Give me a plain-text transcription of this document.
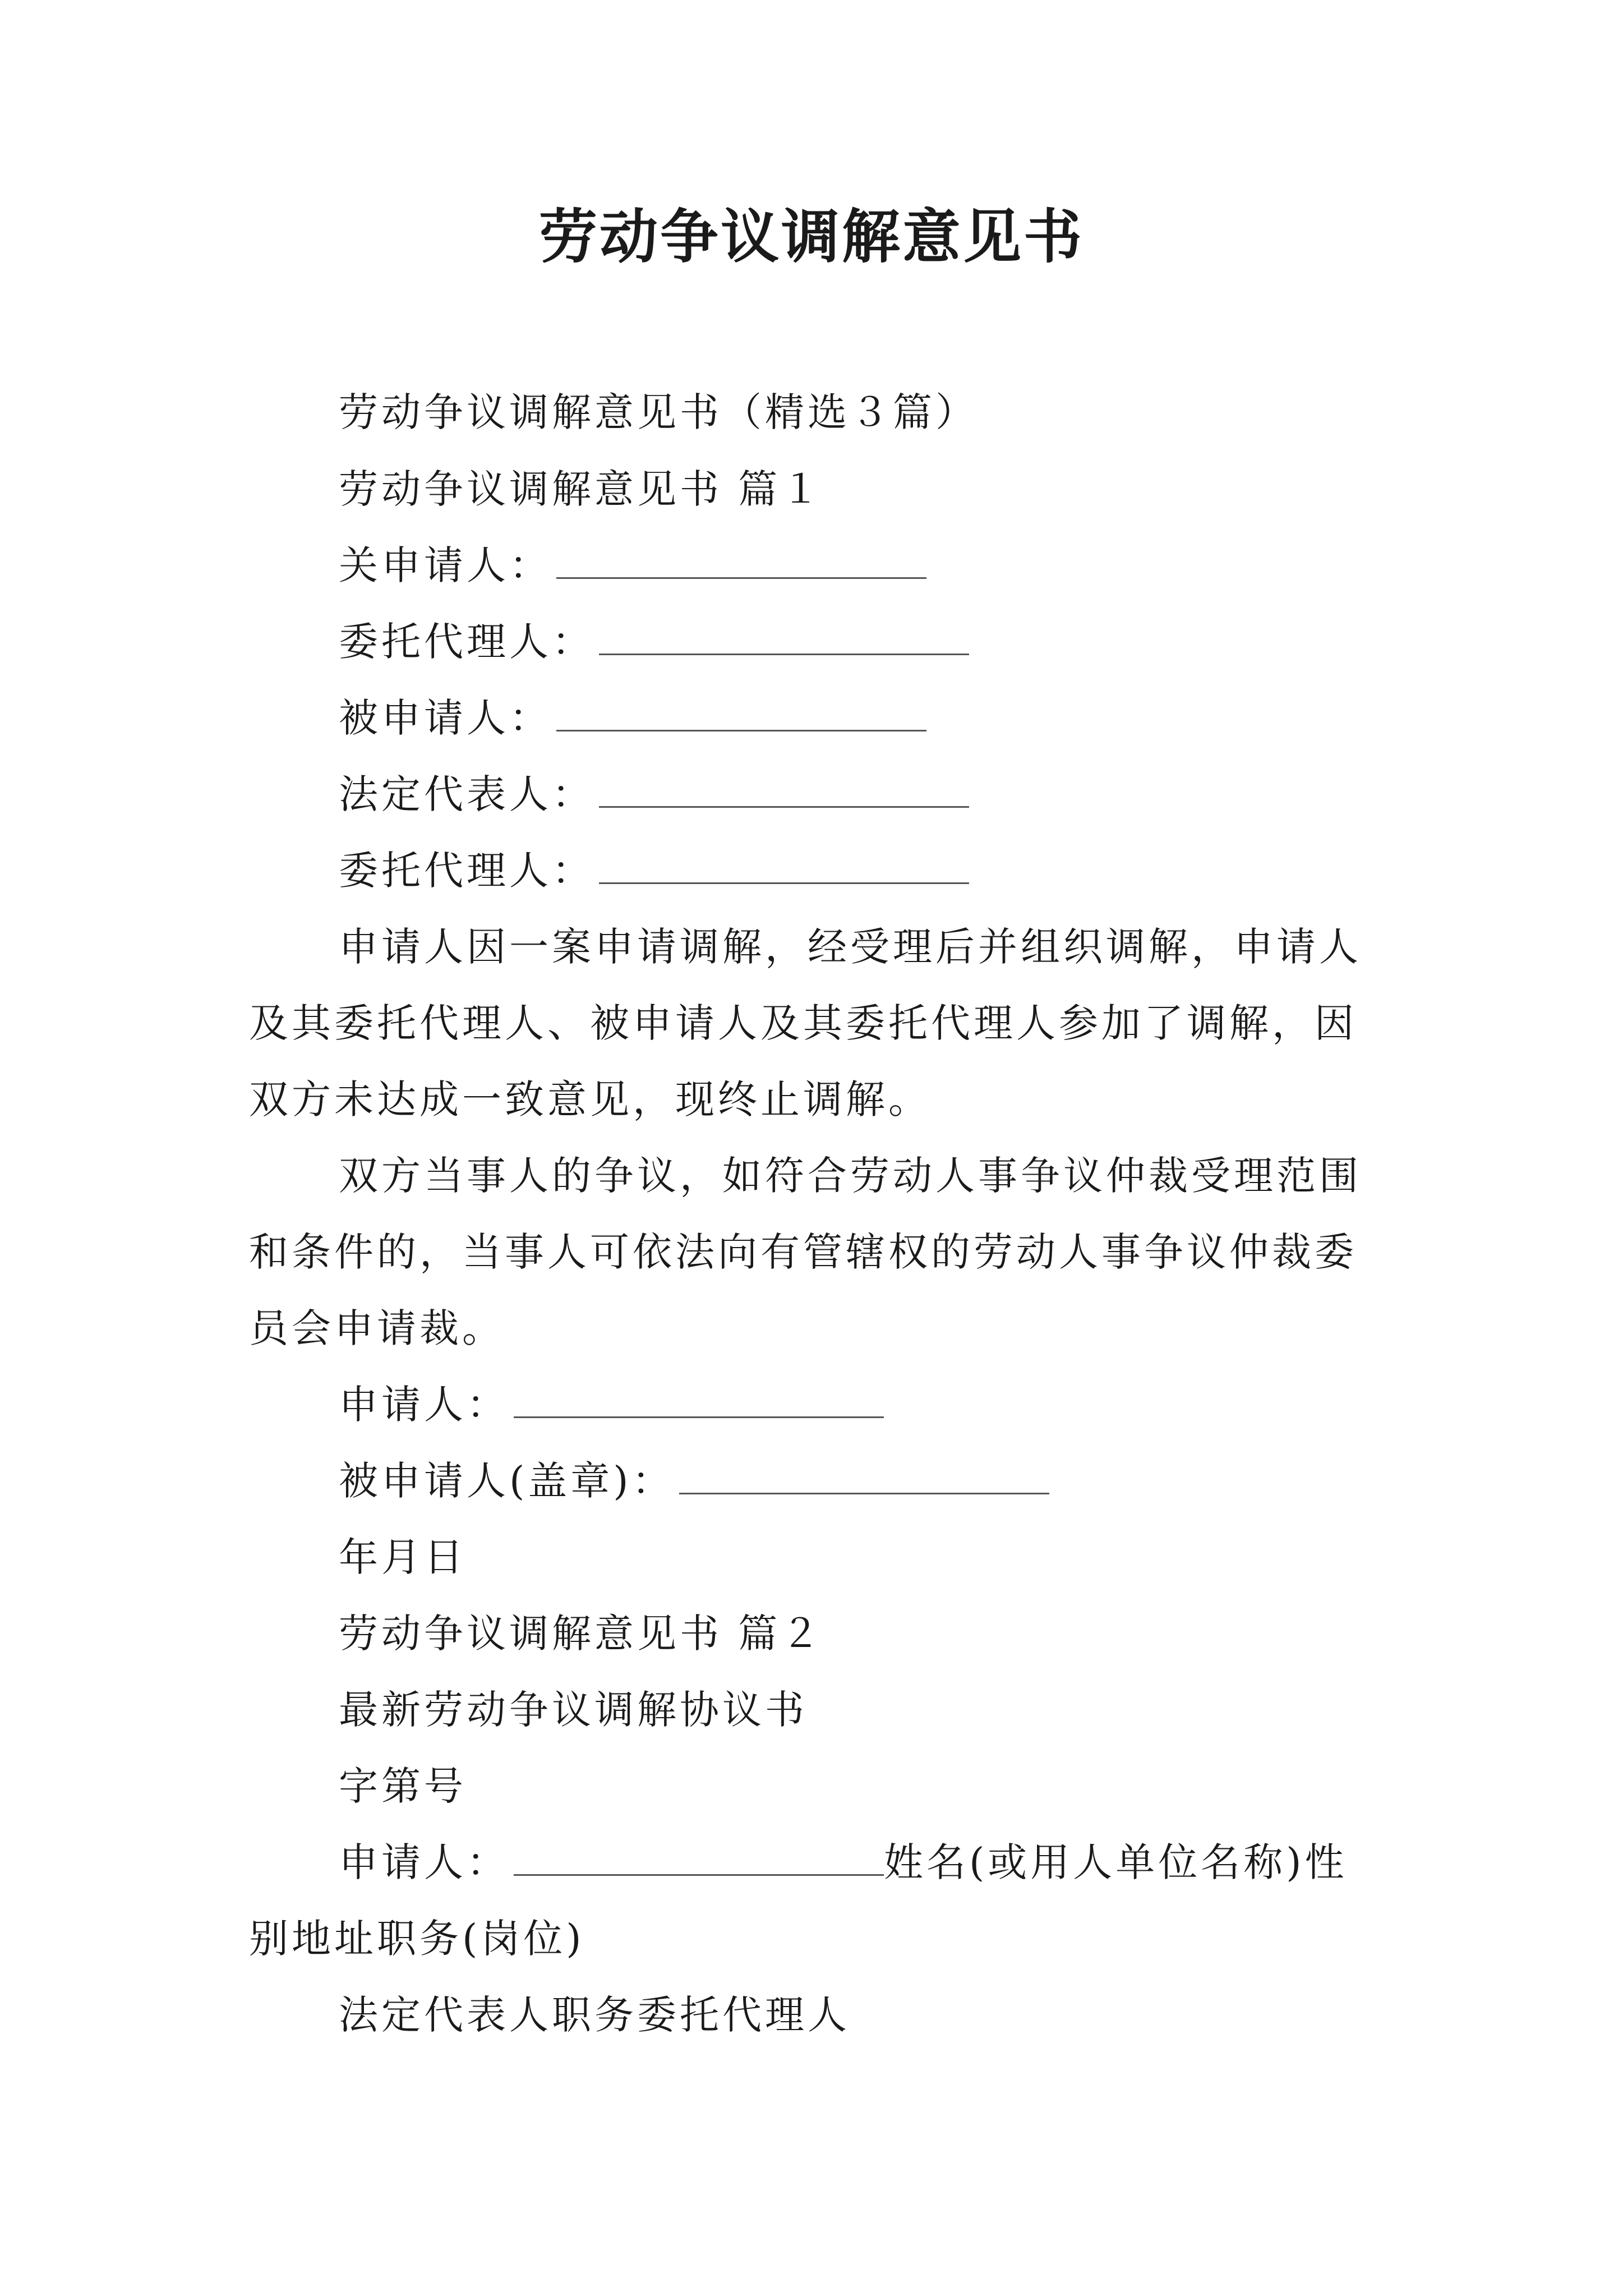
劳动争议调解意见书
劳动争议调解意见书（精选３篇）
劳动争议调解意见书 篇１
关申请人：
委托代理人：
被申请人：
法定代表人：
委托代理人：
申请人因一案申请调解，经受理后并组织调解，申请人
及其委托代理人、被申请人及其委托代理人参加了调解，因
双方未达成一致意见，现终止调解。
双方当事人的争议，如符合劳动人事争议仲裁受理范围
和条件的，当事人可依法向有管辖权的劳动人事争议仲裁委
员会申请裁。
申请人：
被申请人(盖章)：
年月日
劳动争议调解意见书 篇２
最新劳动争议调解协议书
字第号
申请人：	姓名(或用人单位名称)性
别地址职务(岗位)
法定代表人职务委托代理人
